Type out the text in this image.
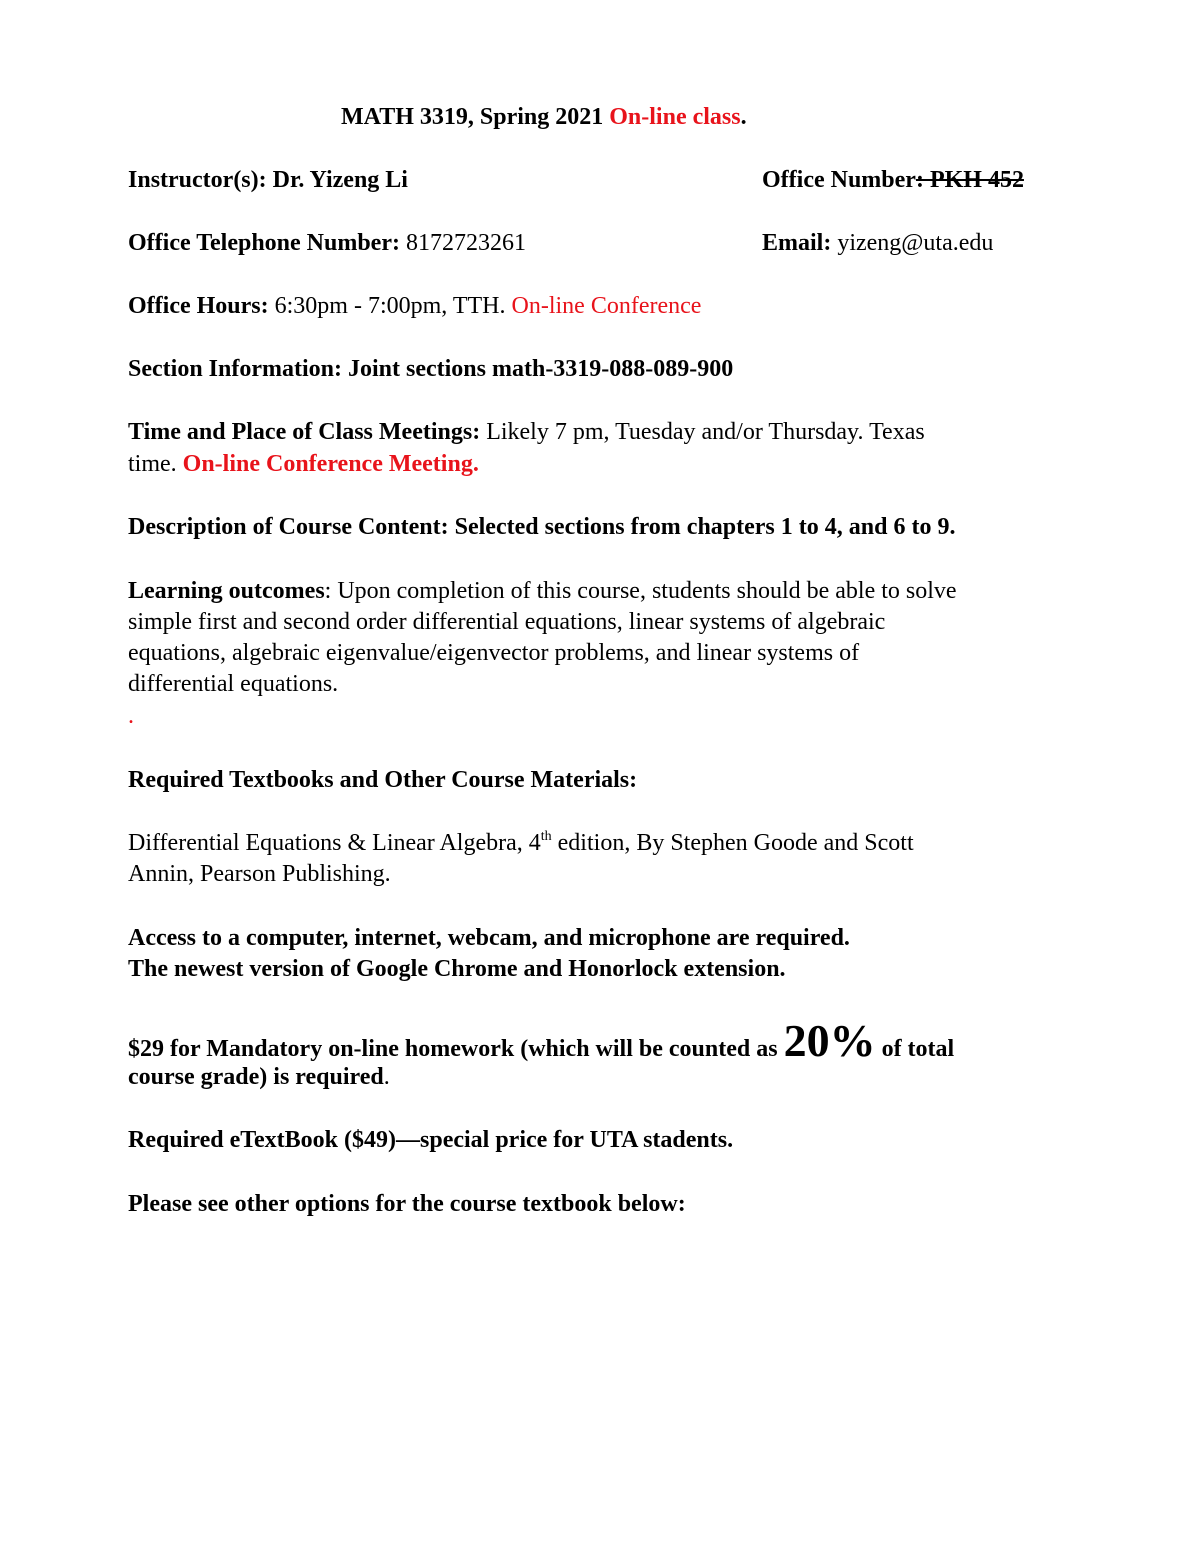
MATH 3319, Spring 2021 On-line class.
Instructor(s): Dr. Yizeng Li	Office Number: PKH 452
Office Telephone Number: 8172723261	Email: yizeng@uta.edu
Office Hours: 6:30pm - 7:00pm, TTH. On-line Conference
Section Information: Joint sections math-3319-088-089-900
Time and Place of Class Meetings: Likely 7 pm, Tuesday and/or Thursday. Texas
time. On-line Conference Meeting.
Description of Course Content: Selected sections from chapters 1 to 4, and 6 to 9.
Learning outcomes: Upon completion of this course, students should be able to solve
simple first and second order differential equations, linear systems of algebraic
equations, algebraic eigenvalue/eigenvector problems, and linear systems of
differential equations.
.
Required Textbooks and Other Course Materials:
Differential Equations & Linear Algebra, 4th edition, By Stephen Goode and Scott
Annin, Pearson Publishing.
Access to a computer, internet, webcam, and microphone are required.
The newest version of Google Chrome and Honorlock extension.
$29 for Mandatory on-line homework (which will be counted as 20% of total
course grade) is required.
Required eTextBook ($49)—special price for UTA stadents.
Please see other options for the course textbook below:
